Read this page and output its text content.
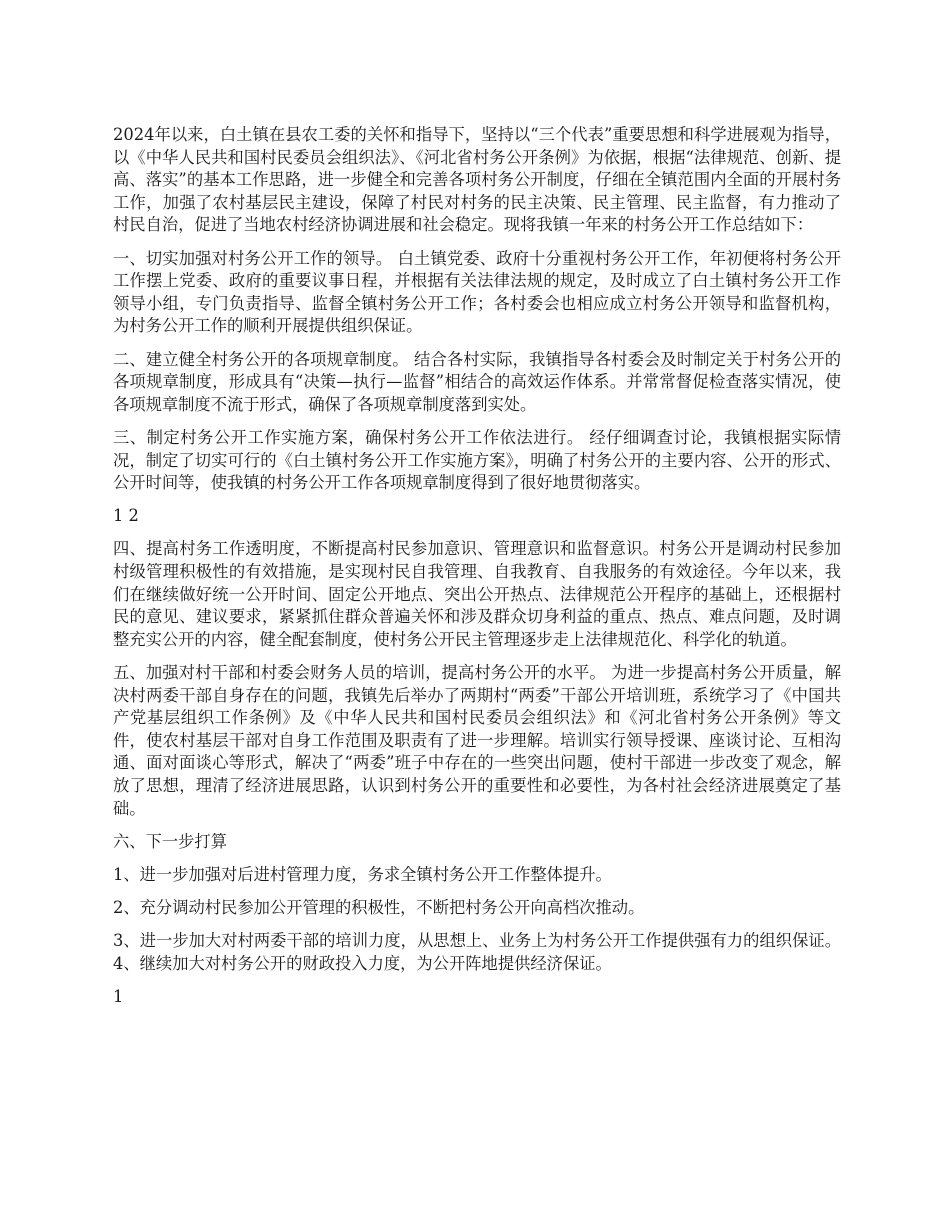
2024年以来，白土镇在县农工委的关怀和指导下，坚持以“三个代表”重要思想和科学进展观为指导，以《中华人民共和国村民委员会组织法》、《河北省村务公开条例》为依据，根据“法律规范、创新、提高、落实”的基本工作思路，进一步健全和完善各项村务公开制度，仔细在全镇范围内全面的开展村务工作，加强了农村基层民主建设，保障了村民对村务的民主决策、民主管理、民主监督，有力推动了村民自治，促进了当地农村经济协调进展和社会稳定。现将我镇一年来的村务公开工作总结如下：

一、切实加强对村务公开工作的领导。 白土镇党委、政府十分重视村务公开工作，年初便将村务公开工作摆上党委、政府的重要议事日程，并根据有关法律法规的规定，及时成立了白土镇村务公开工作领导小组，专门负责指导、监督全镇村务公开工作；各村委会也相应成立村务公开领导和监督机构，为村务公开工作的顺利开展提供组织保证。

二、建立健全村务公开的各项规章制度。 结合各村实际，我镇指导各村委会及时制定关于村务公开的各项规章制度，形成具有“决策—执行—监督”相结合的高效运作体系。并常常督促检查落实情况，使各项规章制度不流于形式，确保了各项规章制度落到实处。

三、制定村务公开工作实施方案，确保村务公开工作依法进行。 经仔细调查讨论，我镇根据实际情况，制定了切实可行的《白土镇村务公开工作实施方案》，明确了村务公开的主要内容、公开的形式、公开时间等，使我镇的村务公开工作各项规章制度得到了很好地贯彻落实。

1 2

四、提高村务工作透明度，不断提高村民参加意识、管理意识和监督意识。村务公开是调动村民参加村级管理积极性的有效措施，是实现村民自我管理、自我教育、自我服务的有效途径。今年以来，我们在继续做好统一公开时间、固定公开地点、突出公开热点、法律规范公开程序的基础上，还根据村民的意见、建议要求，紧紧抓住群众普遍关怀和涉及群众切身利益的重点、热点、难点问题，及时调整充实公开的内容，健全配套制度，使村务公开民主管理逐步走上法律规范化、科学化的轨道。

五、加强对村干部和村委会财务人员的培训，提高村务公开的水平。 为进一步提高村务公开质量，解决村两委干部自身存在的问题，我镇先后举办了两期村“两委”干部公开培训班，系统学习了《中国共产党基层组织工作条例》及《中华人民共和国村民委员会组织法》和《河北省村务公开条例》等文件，使农村基层干部对自身工作范围及职责有了进一步理解。培训实行领导授课、座谈讨论、互相沟通、面对面谈心等形式，解决了“两委”班子中存在的一些突出问题，使村干部进一步改变了观念，解放了思想，理清了经济进展思路，认识到村务公开的重要性和必要性，为各村社会经济进展奠定了基础。

六、下一步打算

1、进一步加强对后进村管理力度，务求全镇村务公开工作整体提升。

2、充分调动村民参加公开管理的积极性，不断把村务公开向高档次推动。

3、进一步加大对村两委干部的培训力度，从思想上、业务上为村务公开工作提供强有力的组织保证。4、继续加大对村务公开的财政投入力度，为公开阵地提供经济保证。

1
